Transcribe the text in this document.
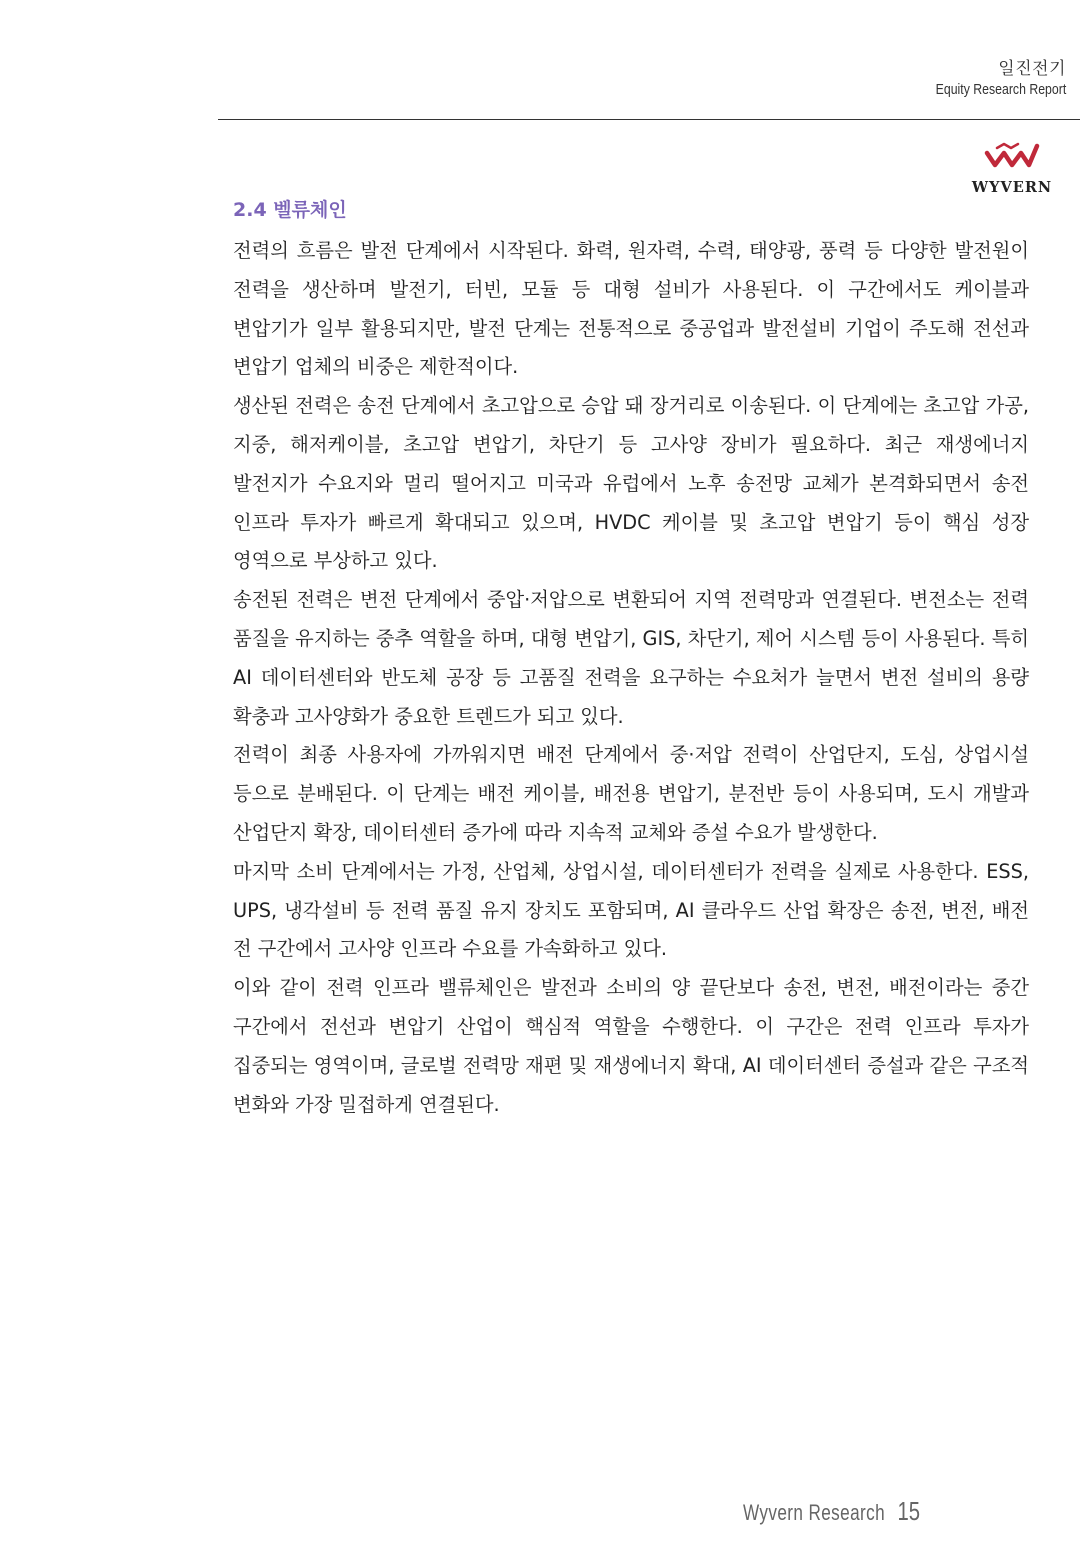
일진전기
Equity Research Report
WYVERN
2.4 벨류체인

전력의 흐름은 발전 단계에서 시작된다. 화력, 원자력, 수력, 태양광, 풍력 등 다양한 발전원이 전력을 생산하며 발전기, 터빈, 모듈 등 대형 설비가 사용된다. 이 구간에서도 케이블과 변압기가 일부 활용되지만, 발전 단계는 전통적으로 중공업과 발전설비 기업이 주도해 전선과 변압기 업체의 비중은 제한적이다.

생산된 전력은 송전 단계에서 초고압으로 승압 돼 장거리로 이송된다. 이 단계에는 초고압 가공, 지중, 해저케이블, 초고압 변압기, 차단기 등 고사양 장비가 필요하다. 최근 재생에너지 발전지가 수요지와 멀리 떨어지고 미국과 유럽에서 노후 송전망 교체가 본격화되면서 송전 인프라 투자가 빠르게 확대되고 있으며, HVDC 케이블 및 초고압 변압기 등이 핵심 성장 영역으로 부상하고 있다.

송전된 전력은 변전 단계에서 중압·저압으로 변환되어 지역 전력망과 연결된다. 변전소는 전력 품질을 유지하는 중추 역할을 하며, 대형 변압기, GIS, 차단기, 제어 시스템 등이 사용된다. 특히 AI 데이터센터와 반도체 공장 등 고품질 전력을 요구하는 수요처가 늘면서 변전 설비의 용량 확충과 고사양화가 중요한 트렌드가 되고 있다.

전력이 최종 사용자에 가까워지면 배전 단계에서 중·저압 전력이 산업단지, 도심, 상업시설 등으로 분배된다. 이 단계는 배전 케이블, 배전용 변압기, 분전반 등이 사용되며, 도시 개발과 산업단지 확장, 데이터센터 증가에 따라 지속적 교체와 증설 수요가 발생한다.

마지막 소비 단계에서는 가정, 산업체, 상업시설, 데이터센터가 전력을 실제로 사용한다. ESS, UPS, 냉각설비 등 전력 품질 유지 장치도 포함되며, AI 클라우드 산업 확장은 송전, 변전, 배전 전 구간에서 고사양 인프라 수요를 가속화하고 있다.

이와 같이 전력 인프라 밸류체인은 발전과 소비의 양 끝단보다 송전, 변전, 배전이라는 중간 구간에서 전선과 변압기 산업이 핵심적 역할을 수행한다. 이 구간은 전력 인프라 투자가 집중되는 영역이며, 글로벌 전력망 재편 및 재생에너지 확대, AI 데이터센터 증설과 같은 구조적 변화와 가장 밀접하게 연결된다.

Wyvern Research 15
